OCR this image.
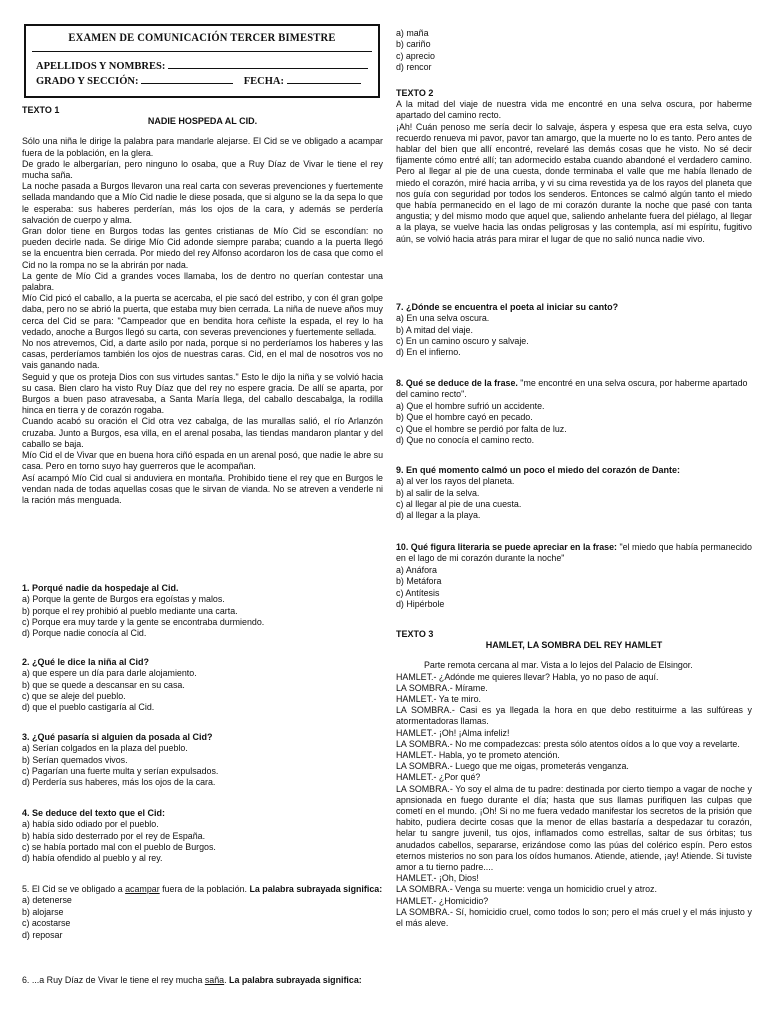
EXAMEN DE COMUNICACIÓN TERCER BIMESTRE
APELLIDOS Y NOMBRES:
GRADO Y SECCIÓN:	FECHA:

TEXTO 1

NADIE HOSPEDA AL CID.

Sólo una niña le dirige la palabra para mandarle alejarse. El Cid se ve obligado a acampar fuera de la población, en la glera.

De grado le albergarían, pero ninguno lo osaba, que a Ruy Díaz de Vivar le tiene el rey mucha saña.

La noche pasada a Burgos llevaron una real carta con severas prevenciones y fuertemente sellada mandando que a Mío Cid nadie le diese posada, que si alguno se la da sepa lo que le esperaba: sus haberes perderían, más los ojos de la cara, y además se perdería salvación de cuerpo y alma.

Gran dolor tiene en Burgos todas las gentes cristianas de Mío Cid se escondían: no pueden decirle nada. Se dirige Mío Cid adonde siempre paraba; cuando a la puerta llegó se la encuentra bien cerrada. Por miedo del rey Alfonso acordaron los de casa que como el Cid no la rompa no se la abrirán por nada.

La gente de Mío Cid a grandes voces llamaba, los de dentro no querían contestar una palabra.

Mío Cid picó el caballo, a la puerta se acercaba, el pie sacó del estribo, y con él gran golpe daba, pero no se abrió la puerta, que estaba muy bien cerrada. La niña de nueve años muy cerca del Cid se para: "Campeador que en bendita hora ceñiste la espada, el rey lo ha vedado, anoche a Burgos llegó su carta, con severas prevenciones y fuertemente sellada.

No nos atrevemos, Cid, a darte asilo por nada, porque si no perderíamos los haberes y las casas, perderíamos también los ojos de nuestras caras. Cid, en el mal de nosotros vos no vais ganando nada.

Seguid y que os proteja Dios con sus virtudes santas." Esto le dijo la niña y se volvió hacia su casa. Bien claro ha visto Ruy Díaz que del rey no espere gracia. De allí se aparta, por Burgos a buen paso atravesaba, a Santa María llega, del caballo descabalga, la rodilla hinca en tierra y de corazón rogaba.

Cuando acabó su oración el Cid otra vez cabalga, de las murallas salió, el río Arlanzón cruzaba. Junto a Burgos, esa villa, en el arenal posaba, las tiendas mandaron plantar y del caballo se baja.

Mío Cid el de Vivar que en buena hora ciñó espada en un arenal posó, que nadie le abre su casa. Pero en torno suyo hay guerreros que le acompañan.

Así acampó Mío Cid cual si anduviera en montaña. Prohibido tiene el rey que en Burgos le vendan nada de todas aquellas cosas que le sirvan de vianda. No se atreven a venderle ni la ración más menguada.

1. Porqué nadie da hospedaje al Cid.

a) Porque la gente de Burgos era egoístas y malos.

b) porque el rey prohibió al pueblo mediante una carta.

c) Porque era muy tarde y la gente se encontraba durmiendo.

d) Porque nadie conocía al Cid.

2. ¿Qué le dice la niña al Cid?

a) que espere un día para darle alojamiento.

b) que se quede a descansar en su casa.

c) que se aleje del pueblo.

d) que el pueblo castigaría al Cid.

3. ¿Qué pasaría si alguien da posada al Cid?

a) Serían colgados en la plaza del pueblo.

b) Serían quemados vivos.

c) Pagarían una fuerte multa y serían expulsados.

d) Perdería sus haberes, más los ojos de la cara.

4. Se deduce del texto que el Cid:

a) había sido odiado por el pueblo.

b) había sido desterrado por el rey de España.

c) se había portado mal con el pueblo de Burgos.

d) había ofendido al pueblo y al rey.

5. El Cid se ve obligado a acampar fuera de la población. La palabra subrayada significa:

a) detenerse

b) alojarse

c) acostarse

d) reposar

6. ...a Ruy Díaz de Vivar le tiene el rey mucha saña. La palabra subrayada significa:

a) maña

b) cariño

c) aprecio

d) rencor

TEXTO 2

A la mitad del viaje de nuestra vida me encontré en una selva oscura, por haberme apartado del camino recto.

¡Ah! Cuán penoso me sería decir lo salvaje, áspera y espesa que era esta selva, cuyo recuerdo renueva mi pavor, pavor tan amargo, que la muerte no lo es tanto. Pero antes de hablar del bien que allí encontré, revelaré las demás cosas que he visto. No sé decir fijamente cómo entré allí; tan adormecido estaba cuando abandoné el verdadero camino. Pero al llegar al pie de una cuesta, donde terminaba el valle que me había llenado de miedo el corazón, miré hacia arriba, y vi su cima revestida ya de los rayos del planeta que nos guía con seguridad por todos los senderos. Entonces se calmó algún tanto el miedo que había permanecido en el lago de mi corazón durante la noche que pasé con tanta angustia; y del mismo modo que aquel que, saliendo anhelante fuera del piélago, al llegar a la playa, se vuelve hacia las ondas peligrosas y las contempla, así mi espíritu, fugitivo aún, se volvió hacia atrás para mirar el lugar de que no salió nunca nadie vivo.

7. ¿Dónde se encuentra el poeta al iniciar su canto?

a) En una selva oscura.

b) A mitad del viaje.

c) En un camino oscuro y salvaje.

d) En el infierno.

8. Qué se deduce de la frase. "me encontré en una selva oscura, por haberme apartado del camino recto".

a) Que el hombre sufrió un accidente.

b) Que el hombre cayó en pecado.

c) Que el hombre se perdió por falta de luz.

d) Que no conocía el camino recto.

9. En qué momento calmó un poco el miedo del corazón de Dante:

a) al ver los rayos del planeta.

b) al salir de la selva.

c) al llegar al pie de una cuesta.

d) al llegar a la playa.

10. Qué figura literaria se puede apreciar en la frase: "el miedo que había permanecido en el lago de mi corazón durante la noche"

a) Anáfora

b) Metáfora

c) Antítesis

d) Hipérbole

TEXTO 3

HAMLET, LA SOMBRA DEL REY HAMLET

Parte remota cercana al mar. Vista a lo lejos del Palacio de Elsingor.

HAMLET.- ¿Adónde me quieres llevar? Habla, yo no paso de aquí.

LA SOMBRA.- Mírame.

HAMLET.- Ya te miro.

LA SOMBRA.- Casi es ya llegada la hora en que debo restituirme a las sulfúreas y atormentadoras llamas.

HAMLET.- ¡Oh! ¡Alma infeliz!

LA SOMBRA.- No me compadezcas: presta sólo atentos oídos a lo que voy a revelarte.

HAMLET.- Habla, yo te prometo atención.

LA SOMBRA.- Luego que me oigas, prometerás venganza.

HAMLET.- ¿Por qué?

LA SOMBRA.- Yo soy el alma de tu padre: destinada por cierto tiempo a vagar de noche y apnsionada en fuego durante el día; hasta que sus llamas purifiquen las culpas que cometí en el mundo. ¡Oh! Si no me fuera vedado manifestar los secretos de la prisión que habito, pudiera decirte cosas que la menor de ellas bastaría a despedazar tu corazón, helar tu sangre juvenil, tus ojos, inflamados como estrellas, saltar de sus órbitas; tus anudados cabellos, separarse, erizándose como las púas del colérico espín. Pero estos eternos misterios no son para los oídos humanos. Atiende, atiende, ¡ay! Atiende. Si tuviste amor a tu tierno padre....

HAMLET.- ¡Oh, Dios!

LA SOMBRA.- Venga su muerte: venga un homicidio cruel y atroz.

HAMLET.- ¿Homicidio?

LA SOMBRA.- Sí, homicidio cruel, como todos lo son; pero el más cruel y el más injusto y el más aleve.
